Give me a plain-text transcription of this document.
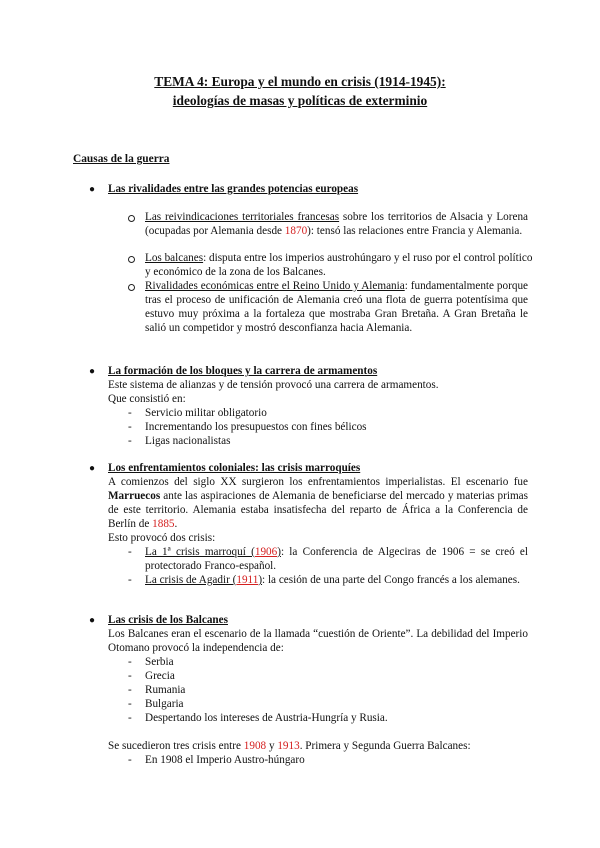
TEMA 4: Europa y el mundo en crisis (1914-1945):
ideologías de masas y políticas de exterminio
Causas de la guerra
● Las rivalidades entre las grandes potencias europeas
Las reivindicaciones territoriales francesas sobre los territorios de Alsacia y Lorena (ocupadas por Alemania desde 1870): tensó las relaciones entre Francia y Alemania.
Los balcanes: disputa entre los imperios austrohúngaro y el ruso por el control político y económico de la zona de los Balcanes.
Rivalidades económicas entre el Reino Unido y Alemania: fundamentalmente porque tras el proceso de unificación de Alemania creó una flota de guerra potentísima que estuvo muy próxima a la fortaleza que mostraba Gran Bretaña. A Gran Bretaña le salió un competidor y mostró desconfianza hacia Alemania.
● La formación de los bloques y la carrera de armamentos
Este sistema de alianzas y de tensión provocó una carrera de armamentos.
Que consistió en:
- Servicio militar obligatorio
- Incrementando los presupuestos con fines bélicos
- Ligas nacionalistas
● Los enfrentamientos coloniales: las crisis marroquíes
A comienzos del siglo XX surgieron los enfrentamientos imperialistas. El escenario fue Marruecos ante las aspiraciones de Alemania de beneficiarse del mercado y materias primas de este territorio. Alemania estaba insatisfecha del reparto de África a la Conferencia de Berlín de 1885.
Esto provocó dos crisis:
- La 1ª crisis marroquí (1906): la Conferencia de Algeciras de 1906 = se creó el protectorado Franco-español.
- La crisis de Agadir (1911): la cesión de una parte del Congo francés a los alemanes.
● Las crisis de los Balcanes
Los Balcanes eran el escenario de la llamada “cuestión de Oriente”. La debilidad del Imperio Otomano provocó la independencia de:
- Serbia
- Grecia
- Rumania
- Bulgaria
- Despertando los intereses de Austria-Hungría y Rusia.
Se sucedieron tres crisis entre 1908 y 1913. Primera y Segunda Guerra Balcanes:
- En 1908 el Imperio Austro-húngaro
